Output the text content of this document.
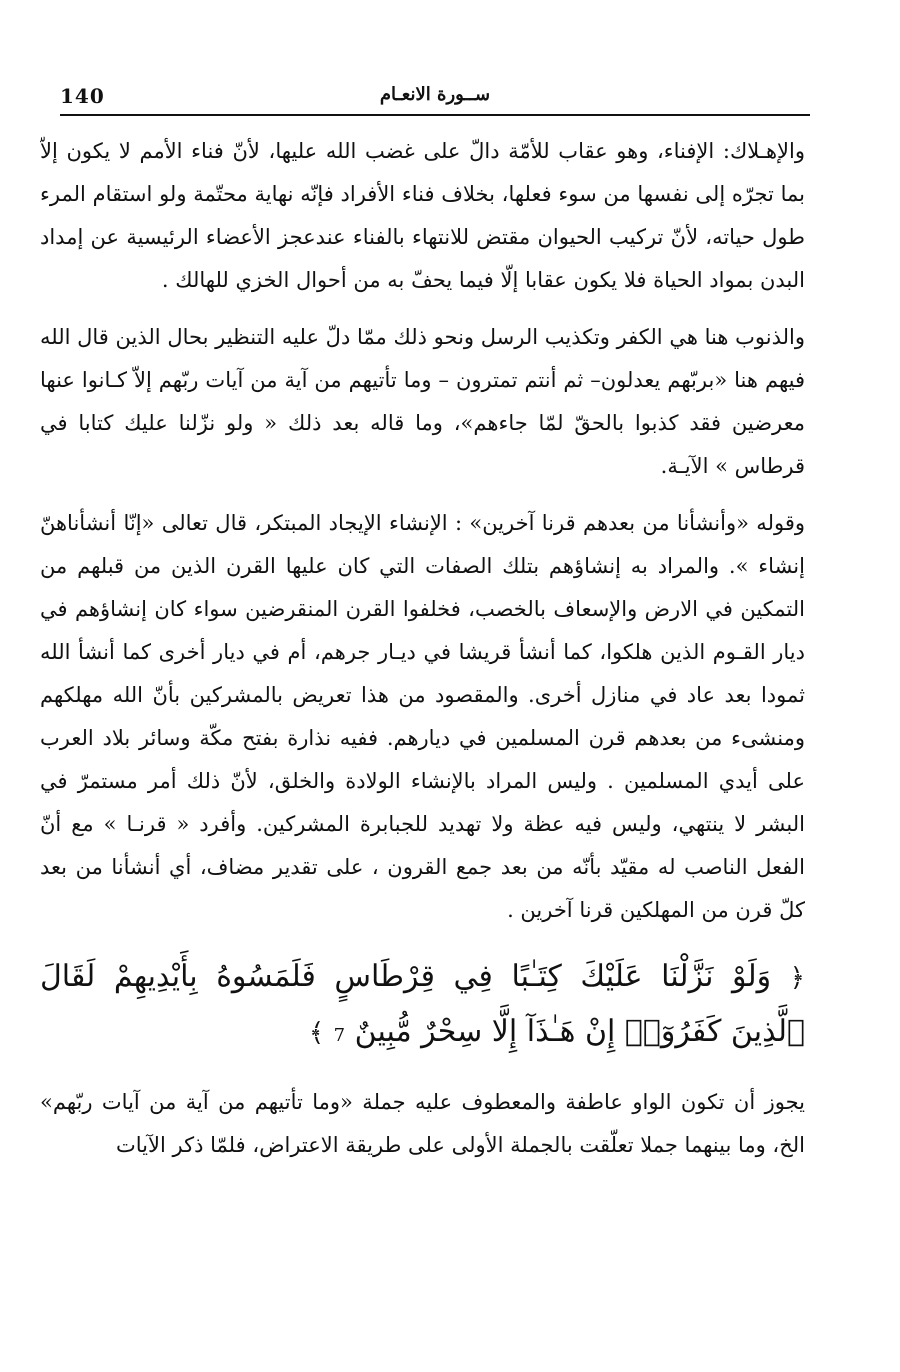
140	ســورة الانعـام

والإهـلاك: الإفناء، وهو عقاب للأمّة دالّ على غضب الله عليها، لأنّ فناء الأمم لا يكون إلاّ بما تجرّه إلى نفسها من سوء فعلها، بخلاف فناء الأفراد فإنّه نهاية محتّمة ولو استقام المرء طول حياته، لأنّ تركيب الحيوان مقتض للانتهاء بالفناء عندعجز الأعضاء الرئيسية عن إمداد البدن بمواد الحياة فلا يكون عقابا إلّا فيما يحفّ به من أحوال الخزي للهالك .

والذنوب هنا هي الكفر وتكذيب الرسل ونحو ذلك ممّا دلّ عليه التنظير بحال الذين قال الله فيهم هنا «بربّهم يعدلون– ثم أنتم تمترون – وما تأتيهم من آية من آيات ربّهم إلاّ كـانوا عنها معرضين فقد كذبوا بالحقّ لمّا جاءهم»، وما قاله بعد ذلك « ولو نزّلنا عليك كتابا في قرطاس » الآيـة.

وقوله «وأنشأنا من بعدهم قرنا آخرين» : الإنشاء الإيجاد المبتكر، قال تعالى «إنّا أنشأناهنّ إنشاء ». والمراد به إنشاؤهم بتلك الصفات التي كان عليها القرن الذين من قبلهم من التمكين في الارض والإسعاف بالخصب، فخلفوا القرن المنقرضين سواء كان إنشاؤهم في ديار القـوم الذين هلكوا، كما أنشأ قريشا في ديـار جرهم، أم في ديار أخرى كما أنشأ الله ثمودا بعد عاد في منازل أخرى. والمقصود من هذا تعريض بالمشركين بأنّ الله مهلكهم ومنشىء من بعدهم قرن المسلمين في ديارهم. ففيه نذارة بفتح مكّة وسائر بلاد العرب على أيدي المسلمين . وليس المراد بالإنشاء الولادة والخلق، لأنّ ذلك أمر مستمرّ في البشر لا ينتهي، وليس فيه عظة ولا تهديد للجبابرة المشركين. وأفرد « قرنـا » مع أنّ الفعل الناصب له مقيّد بأنّه من بعد جمع القرون ، على تقدير مضاف، أي أنشأنا من بعد كلّ قرن من المهلكين قرنا آخرين .

﴿ وَلَوْ نَزَّلْنَا عَلَيْكَ كِتَـٰبًا فِي قِرْطَاسٍ فَلَمَسُوهُ بِأَيْدِيهِمْ لَقَالَ ٱلَّذِينَ كَفَرُوٓا۟ إِنْ هَـٰذَآ إِلَّا سِحْرٌ مُّبِينٌ 7 ﴾

يجوز أن تكون الواو عاطفة والمعطوف عليه جملة «وما تأتيهم من آية من آيات ربّهم» الخ، وما بينهما جملا تعلّقت بالجملة الأولى على طريقة الاعتراض، فلمّا ذكر الآيات
